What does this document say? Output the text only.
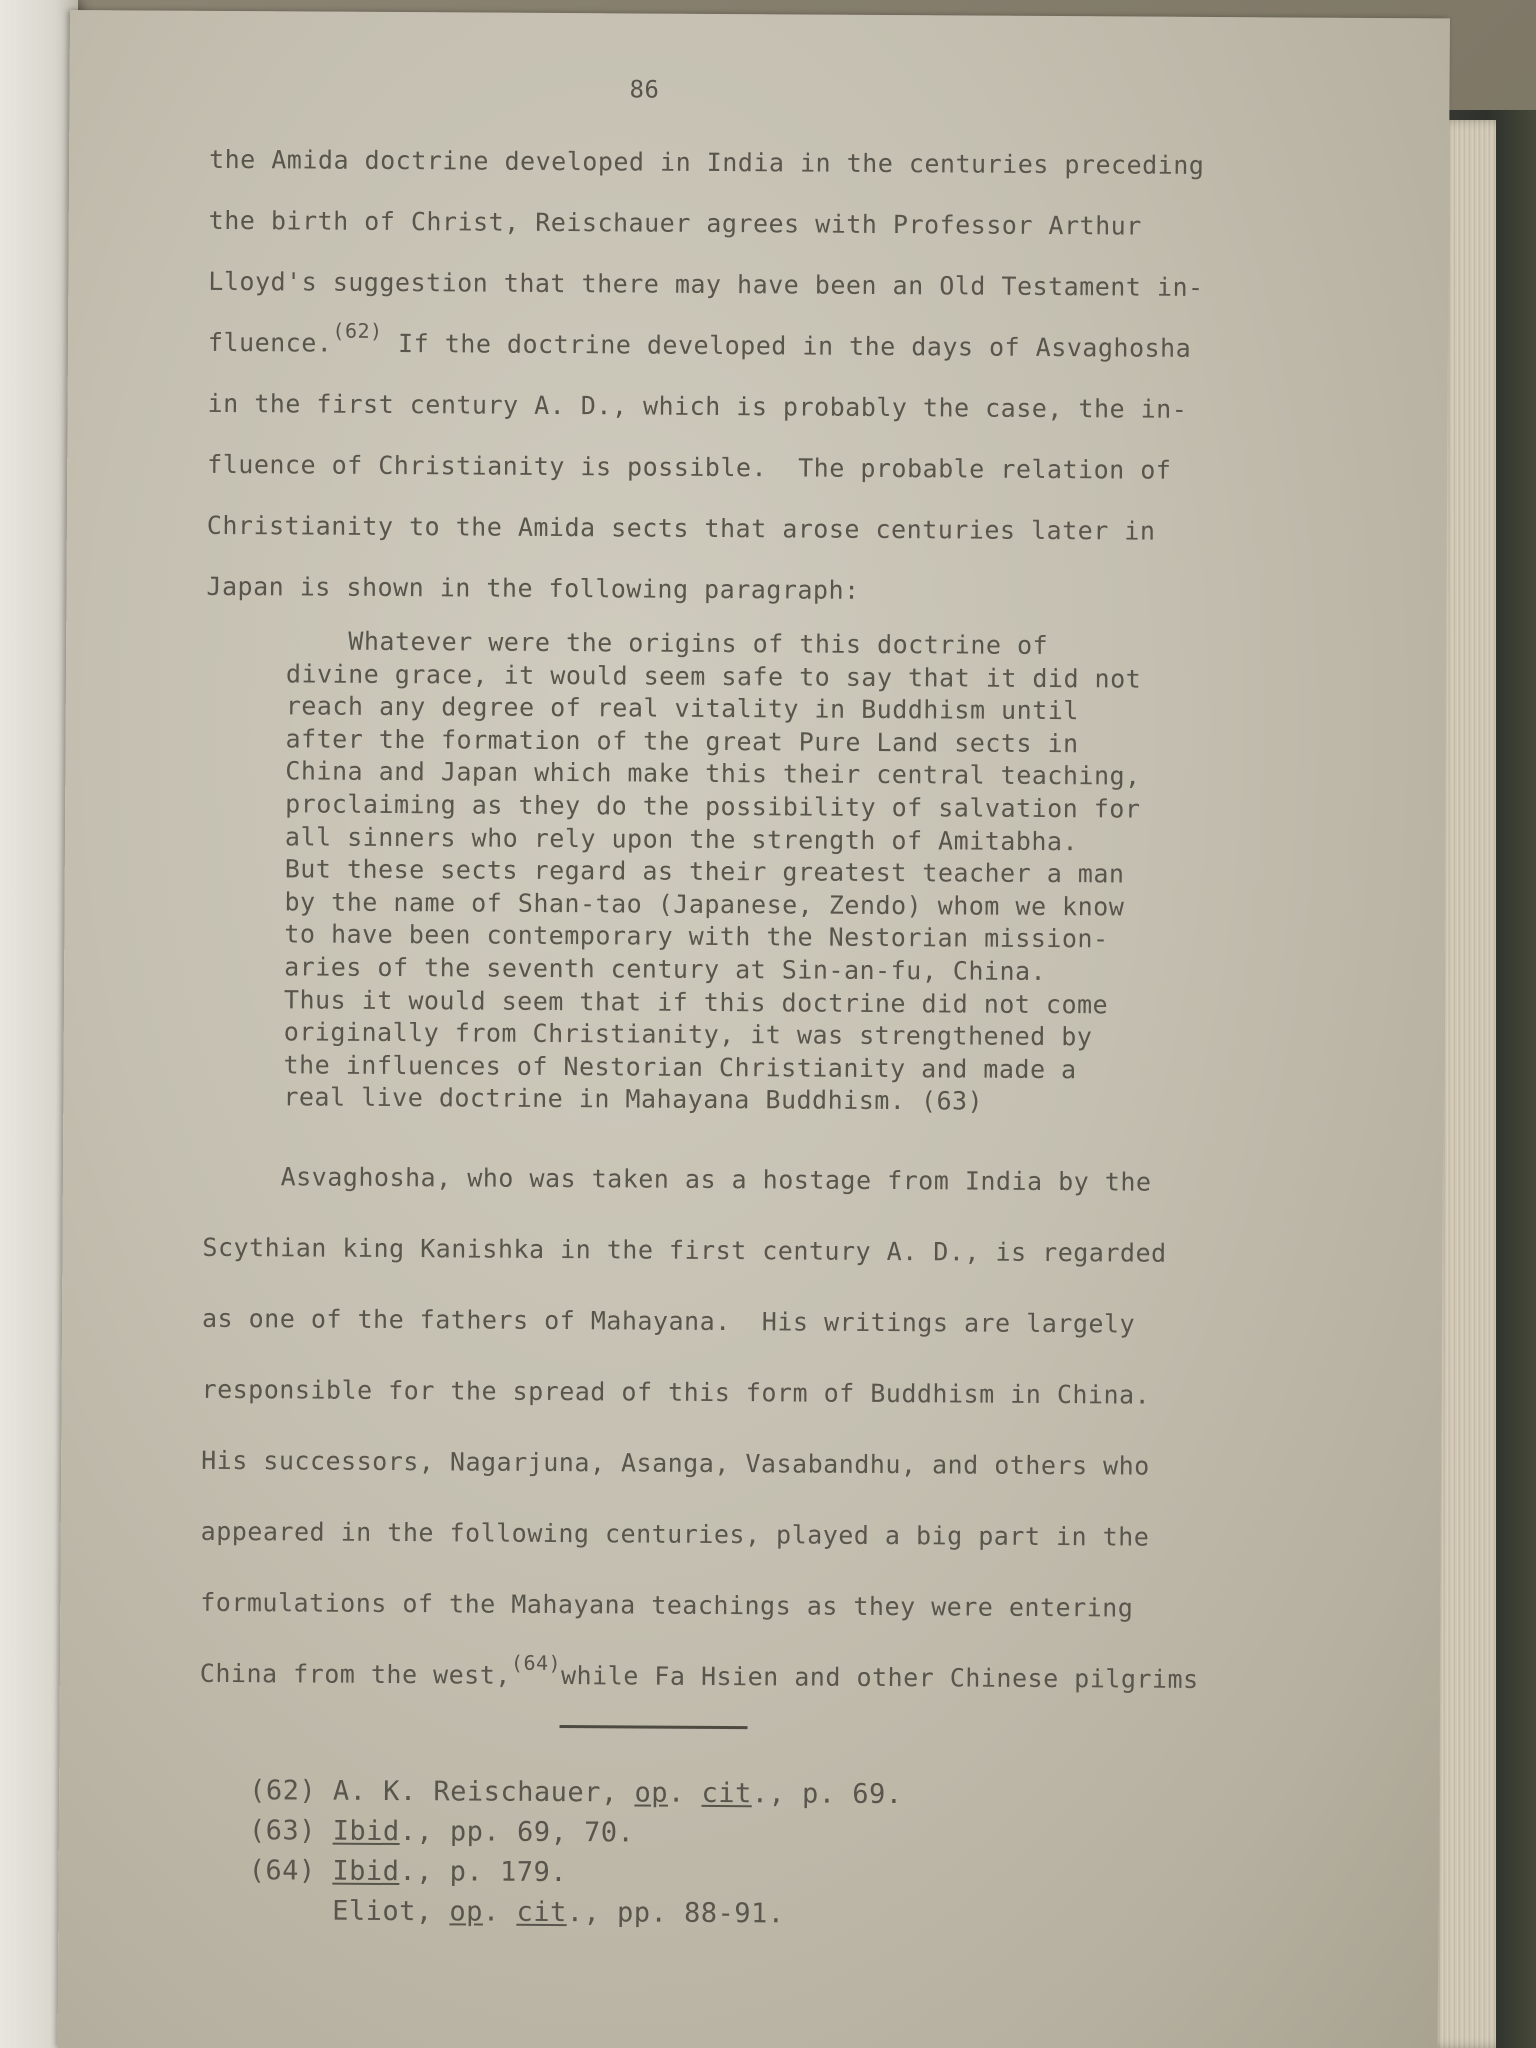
86
the Amida doctrine developed in India in the centuries preceding
the birth of Christ, Reischauer agrees with Professor Arthur
Lloyd's suggestion that there may have been an Old Testament in-
fluence.$^{(62)}$ If the doctrine developed in the days of Asvaghosha
in the first century A. D., which is probably the case, the in-
fluence of Christianity is possible.  The probable relation of
Christianity to the Amida sects that arose centuries later in
Japan is shown in the following paragraph:
Whatever were the origins of this doctrine of
divine grace, it would seem safe to say that it did not
reach any degree of real vitality in Buddhism until
after the formation of the great Pure Land sects in
China and Japan which make this their central teaching,
proclaiming as they do the possibility of salvation for
all sinners who rely upon the strength of Amitabha.
But these sects regard as their greatest teacher a man
by the name of Shan-tao (Japanese, Zendo) whom we know
to have been contemporary with the Nestorian mission-
aries of the seventh century at Sin-an-fu, China.
Thus it would seem that if this doctrine did not come
originally from Christianity, it was strengthened by
the influences of Nestorian Christianity and made a
real live doctrine in Mahayana Buddhism. (63)
Asvaghosha, who was taken as a hostage from India by the
Scythian king Kanishka in the first century A. D., is regarded
as one of the fathers of Mahayana.  His writings are largely
responsible for the spread of this form of Buddhism in China.
His successors, Nagarjuna, Asanga, Vasabandhu, and others who
appeared in the following centuries, played a big part in the
formulations of the Mahayana teachings as they were entering
China from the west,$^{(64)}$while Fa Hsien and other Chinese pilgrims
(62) A. K. Reischauer, op. cit., p. 69.
(63) Ibid., pp. 69, 70.
(64) Ibid., p. 179.
Eliot, op. cit., pp. 88-91.
